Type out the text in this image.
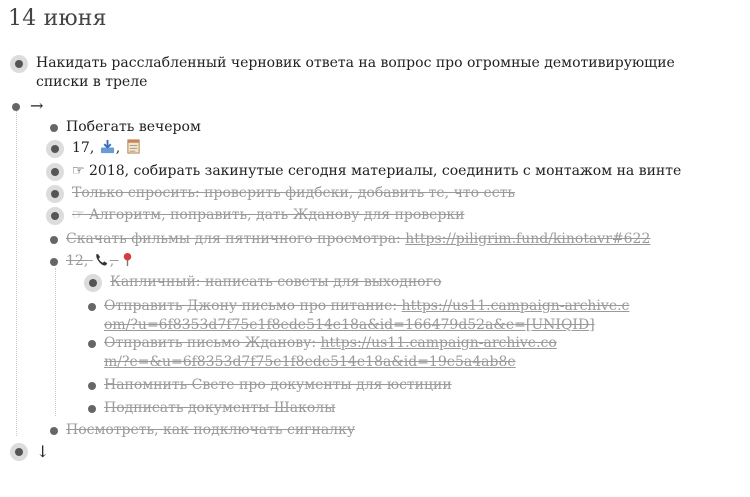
14 июня
Накидать расслабленный черновик ответа на вопрос про огромные демотивирующие списки в треле
→
Побегать вечером
17, ,
☞ 2018, собирать закинутые сегодня материалы, соединить с монтажом на винте
Только спросить: проверить фидбеки, добавить те, что есть
☞ Алгоритм, поправить, дать Жданову для проверки
Скачать фильмы для пятничного просмотра: https://piligrim.fund/kinotavr#622
12, ,
Капличный: написать советы для выходного
Отправить Джону письмо про питание: https://us11.campaign-archive.com/?u=6f8353d7f75e1f8ede514e18a&id=166479d52a&e=[UNIQID]
Отправить письмо Жданову: https://us11.campaign-archive.com/?e=&u=6f8353d7f75e1f8ede514e18a&id=19e5a4ab8e
Напомнить Свете про документы для юстиции
Подписать документы Шаколы
Посмотреть, как подключать сигналку
↓
